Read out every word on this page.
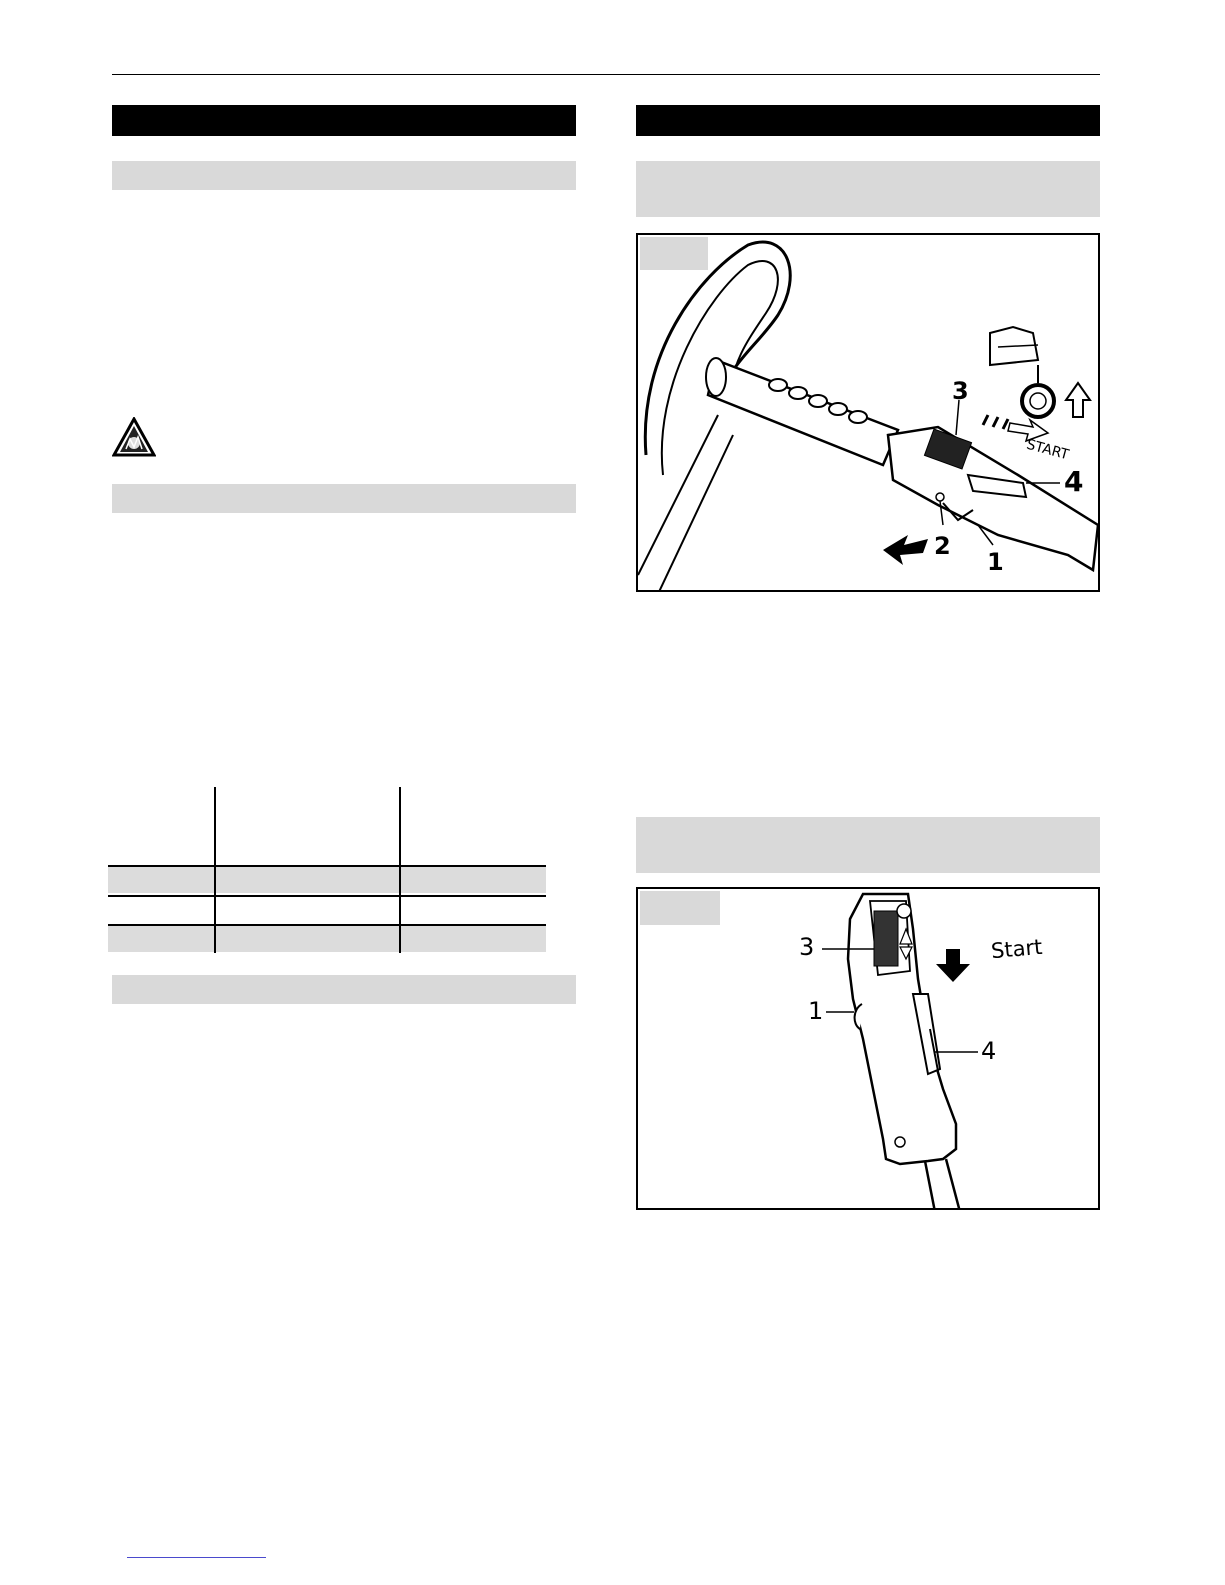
3
4
2
1
START
3
1
4
Start
